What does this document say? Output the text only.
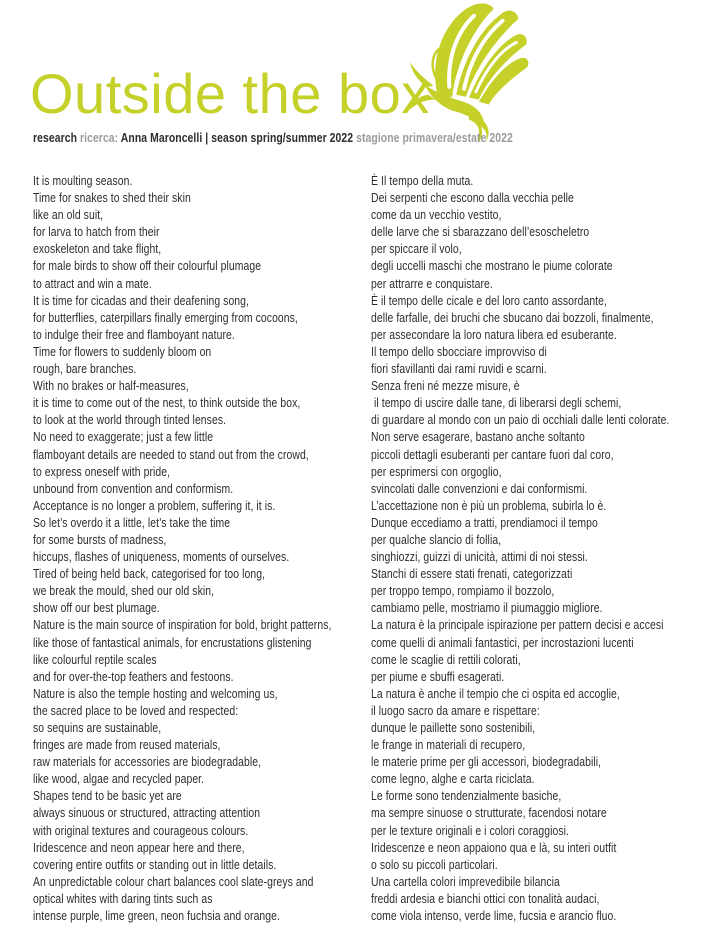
Outside the box
research ricerca: Anna Maroncelli | season spring/summer 2022 stagione primavera/estate 2022
It is moulting season.
Time for snakes to shed their skin
like an old suit,
for larva to hatch from their
exoskeleton and take flight,
for male birds to show off their colourful plumage
to attract and win a mate.
It is time for cicadas and their deafening song,
for butterflies, caterpillars finally emerging from cocoons,
to indulge their free and flamboyant nature.
Time for flowers to suddenly bloom on
rough, bare branches.
With no brakes or half-measures,
it is time to come out of the nest, to think outside the box,
to look at the world through tinted lenses.
No need to exaggerate; just a few little
flamboyant details are needed to stand out from the crowd,
to express oneself with pride,
unbound from convention and conformism.
Acceptance is no longer a problem, suffering it, it is.
So let’s overdo it a little, let’s take the time
for some bursts of madness,
hiccups, flashes of uniqueness, moments of ourselves.
Tired of being held back, categorised for too long,
we break the mould, shed our old skin,
show off our best plumage.
Nature is the main source of inspiration for bold, bright patterns,
like those of fantastical animals, for encrustations glistening
like colourful reptile scales
and for over-the-top feathers and festoons.
Nature is also the temple hosting and welcoming us,
the sacred place to be loved and respected:
so sequins are sustainable,
fringes are made from reused materials,
raw materials for accessories are biodegradable,
like wood, algae and recycled paper.
Shapes tend to be basic yet are
always sinuous or structured, attracting attention
with original textures and courageous colours.
Iridescence and neon appear here and there,
covering entire outfits or standing out in little details.
An unpredictable colour chart balances cool slate-greys and
optical whites with daring tints such as
intense purple, lime green, neon fuchsia and orange.
È Il tempo della muta.
Dei serpenti che escono dalla vecchia pelle
come da un vecchio vestito,
delle larve che si sbarazzano dell’esoscheletro
per spiccare il volo,
degli uccelli maschi che mostrano le piume colorate
per attrarre e conquistare.
È il tempo delle cicale e del loro canto assordante,
delle farfalle, dei bruchi che sbucano dai bozzoli, finalmente,
per assecondare la loro natura libera ed esuberante.
Il tempo dello sbocciare improvviso di
fiori sfavillanti dai rami ruvidi e scarni.
Senza freni né mezze misure, è
il tempo di uscire dalle tane, di liberarsi degli schemi,
di guardare al mondo con un paio di occhiali dalle lenti colorate.
Non serve esagerare, bastano anche soltanto
piccoli dettagli esuberanti per cantare fuori dal coro,
per esprimersi con orgoglio,
svincolati dalle convenzioni e dai conformismi.
L’accettazione non è più un problema, subirla lo è.
Dunque eccediamo a tratti, prendiamoci il tempo
per qualche slancio di follia,
singhiozzi, guizzi di unicità, attimi di noi stessi.
Stanchi di essere stati frenati, categorizzati
per troppo tempo, rompiamo il bozzolo,
cambiamo pelle, mostriamo il piumaggio migliore.
La natura è la principale ispirazione per pattern decisi e accesi
come quelli di animali fantastici, per incrostazioni lucenti
come le scaglie di rettili colorati,
per piume e sbuffi esagerati.
La natura è anche il tempio che ci ospita ed accoglie,
il luogo sacro da amare e rispettare:
dunque le paillette sono sostenibili,
le frange in materiali di recupero,
le materie prime per gli accessori, biodegradabili,
come legno, alghe e carta riciclata.
Le forme sono tendenzialmente basiche,
ma sempre sinuose o strutturate, facendosi notare
per le texture originali e i colori coraggiosi.
Iridescenze e neon appaiono qua e là, su interi outfit
o solo su piccoli particolari.
Una cartella colori imprevedibile bilancia
freddi ardesia e bianchi ottici con tonalità audaci,
come viola intenso, verde lime, fucsia e arancio fluo.
